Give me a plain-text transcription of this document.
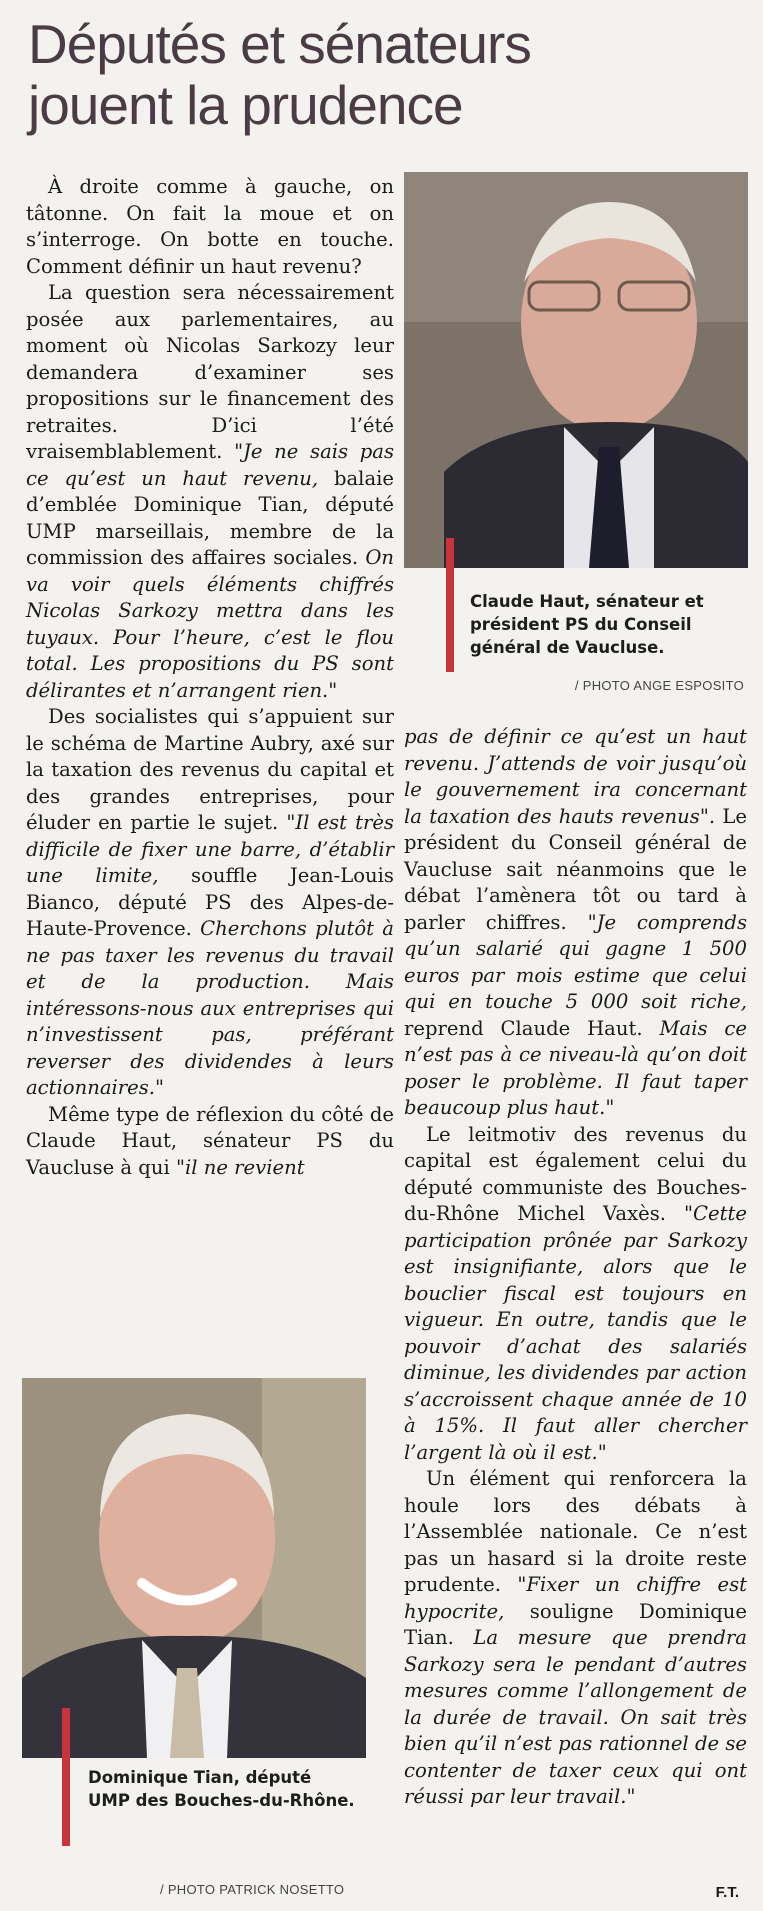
Députés et sénateurs
jouent la prudence

À droite comme à gauche, on tâtonne. On fait la moue et on s’interroge. On botte en touche. Comment définir un haut revenu?

La question sera nécessairement posée aux parlementaires, au moment où Nicolas Sarkozy leur demandera d’examiner ses propositions sur le financement des retraites. D’ici l’été vraisemblablement. "Je ne sais pas ce qu’est un haut revenu, balaie d’emblée Dominique Tian, député UMP marseillais, membre de la commission des affaires sociales. On va voir quels éléments chiffrés Nicolas Sarkozy mettra dans les tuyaux. Pour l’heure, c’est le flou total. Les propositions du PS sont délirantes et n’arrangent rien."

Des socialistes qui s’appuient sur le schéma de Martine Aubry, axé sur la taxation des revenus du capital et des grandes entreprises, pour éluder en partie le sujet. "Il est très difficile de fixer une barre, d’établir une limite, souffle Jean-Louis Bianco, député PS des Alpes-de-Haute-Provence. Cherchons plutôt à ne pas taxer les revenus du travail et de la production. Mais intéressons-nous aux entreprises qui n’investissent pas, préférant reverser des dividendes à leurs actionnaires."

Même type de réflexion du côté de Claude Haut, sénateur PS du Vaucluse à qui "il ne revient

Claude Haut, sénateur et président PS du Conseil général de Vaucluse.
/ PHOTO ANGE ESPOSITO

pas de définir ce qu’est un haut revenu. J’attends de voir jusqu’où le gouvernement ira concernant la taxation des hauts revenus". Le président du Conseil général de Vaucluse sait néanmoins que le débat l’amènera tôt ou tard à parler chiffres. "Je comprends qu’un salarié qui gagne 1 500 euros par mois estime que celui qui en touche 5 000 soit riche, reprend Claude Haut. Mais ce n’est pas à ce niveau-là qu’on doit poser le problème. Il faut taper beaucoup plus haut."

Le leitmotiv des revenus du capital est également celui du député communiste des Bouches-du-Rhône Michel Vaxès. "Cette participation prônée par Sarkozy est insignifiante, alors que le bouclier fiscal est toujours en vigueur. En outre, tandis que le pouvoir d’achat des salariés diminue, les dividendes par action s’accroissent chaque année de 10 à 15%. Il faut aller chercher l’argent là où il est."

Un élément qui renforcera la houle lors des débats à l’Assemblée nationale. Ce n’est pas un hasard si la droite reste prudente. "Fixer un chiffre est hypocrite, souligne Dominique Tian. La mesure que prendra Sarkozy sera le pendant d’autres mesures comme l’allongement de la durée de travail. On sait très bien qu’il n’est pas rationnel de se contenter de taxer ceux qui ont réussi par leur travail."

Dominique Tian, député UMP des Bouches-du-Rhône.
/ PHOTO PATRICK NOSETTO	F.T.
